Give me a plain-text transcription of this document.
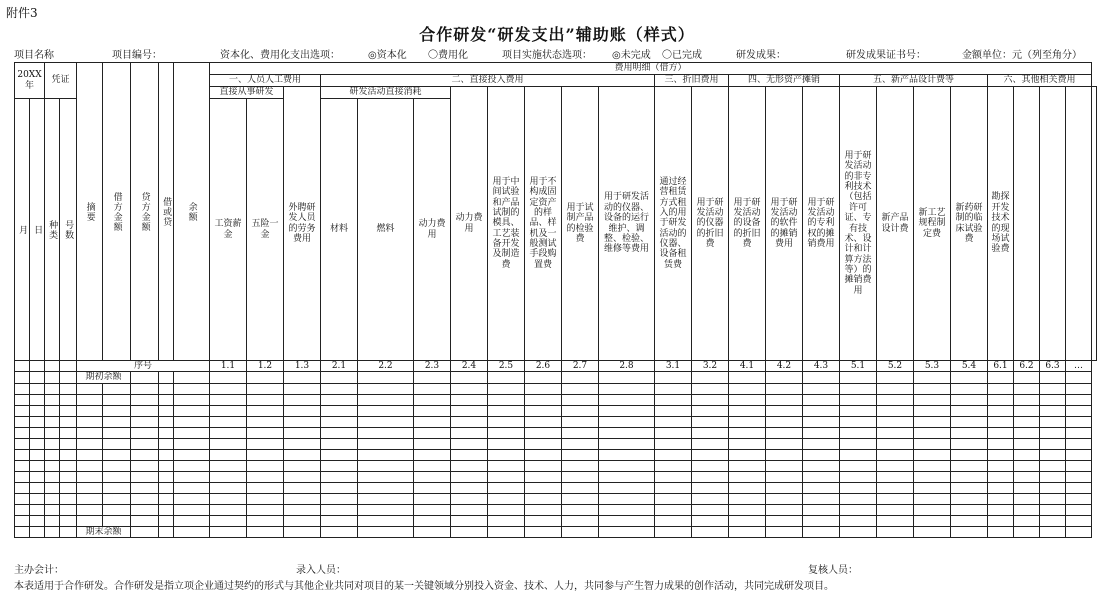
附件3
合作研发“研发支出”辅助账（样式）
项目名称	项目编号：	资本化、费用化支出选项：	◎资本化 〇费用化	项目实施状态选项： ◎未完成 〇已完成	研发成果：	研发成果证书号：	金额单位：元（列至角分）
20XX 年		凭证		摘要	借方金额	贷方金额	借或贷	余额	费用明细（借方）																								
									一、人员人工费用			二、直接投入费用								三、折旧费用		四、无形资产摊销			五、新产品设计费等				六、其他相关费用				
									直接从事研发		外聘研发人员的劳务费用	研发活动直接消耗			动力费用	用于中间试验和产品试制的模具、工艺装备开发及制造费	用于不构成固定资产的样品、样机及一般测试手段购置费	用于试制产品的检验费	用于研发活动的仪器、设备的运行维护、调整、检验、维修等费用	通过经营租赁方式租入的用于研发活动的仪器、设备租赁费	用于研发活动的仪器的折旧费	用于研发活动的设备的折旧费	用于研发活动的软件的摊销费用	用于研发活动的专利权的摊销费用	用于研发活动的非专利技术（包括许可证、专有技术、设计和计算方法等）的摊销费用	新产品设计费	新工艺规程制定费	新药研制的临床试验费	勘探开发技术的现场试验费				
月	日	种类	号数						工资薪金	五险一金		材料	燃料	动力费用																			
				序号					1.1	1.2	1.3	2.1	2.2	2.3	2.4	2.5	2.6	2.7	2.8	3.1	3.2	4.1	4.2	4.3	5.1	5.2	5.3	5.4	6.1	6.2	6.3	…	
				期初余额																													

				期末余额																													
主办会计：	录入人员：	复核人员：
本表适用于合作研发。合作研发是指立项企业通过契约的形式与其他企业共同对项目的某一关键领域分别投入资金、技术、人力，共同参与产生智力成果的创作活动，共同完成研发项目。
